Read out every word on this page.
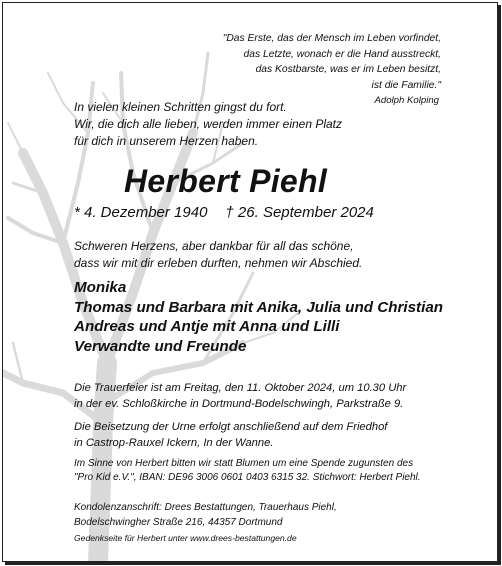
"Das Erste, das der Mensch im Leben vorfindet,
das Letzte, wonach er die Hand ausstreckt,
das Kostbarste, was er im Leben besitzt,
ist die Familie."
Adolph Kolping
In vielen kleinen Schritten gingst du fort.
Wir, die dich alle lieben, werden immer einen Platz
für dich in unserem Herzen haben.
Herbert Piehl
* 4. Dezember 1940 † 26. September 2024
Schweren Herzens, aber dankbar für all das schöne,
dass wir mit dir erleben durften, nehmen wir Abschied.
Monika
Thomas und Barbara mit Anika, Julia und Christian
Andreas und Antje mit Anna und Lilli
Verwandte und Freunde
Die Trauerfeier ist am Freitag, den 11. Oktober 2024, um 10.30 Uhr
in der ev. Schloßkirche in Dortmund-Bodelschwingh, Parkstraße 9.
Die Beisetzung der Urne erfolgt anschließend auf dem Friedhof
in Castrop-Rauxel Ickern, In der Wanne.
Im Sinne von Herbert bitten wir statt Blumen um eine Spende zugunsten des
"Pro Kid e.V.", IBAN: DE96 3006 0601 0403 6315 32. Stichwort: Herbert Piehl.
Kondolenzanschrift: Drees Bestattungen, Trauerhaus Piehl,
Bodelschwingher Straße 216, 44357 Dortmund
Gedenkseite für Herbert unter www.drees-bestattungen.de
